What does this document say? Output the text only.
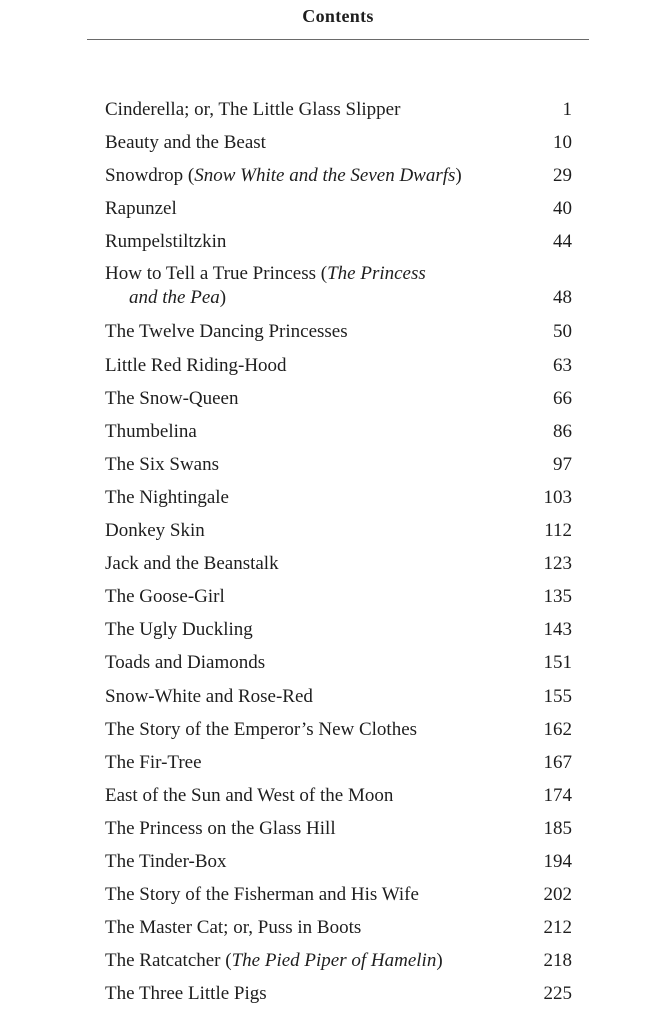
Contents
Cinderella; or, The Little Glass Slipper	1
Beauty and the Beast	10
Snowdrop (Snow White and the Seven Dwarfs)	29
Rapunzel	40
Rumpelstiltzkin	44
How to Tell a True Princess (The Princess
and the Pea)	48
The Twelve Dancing Princesses	50
Little Red Riding-Hood	63
The Snow-Queen	66
Thumbelina	86
The Six Swans	97
The Nightingale	103
Donkey Skin	112
Jack and the Beanstalk	123
The Goose-Girl	135
The Ugly Duckling	143
Toads and Diamonds	151
Snow-White and Rose-Red	155
The Story of the Emperor’s New Clothes	162
The Fir-Tree	167
East of the Sun and West of the Moon	174
The Princess on the Glass Hill	185
The Tinder-Box	194
The Story of the Fisherman and His Wife	202
The Master Cat; or, Puss in Boots	212
The Ratcatcher (The Pied Piper of Hamelin)	218
The Three Little Pigs	225
